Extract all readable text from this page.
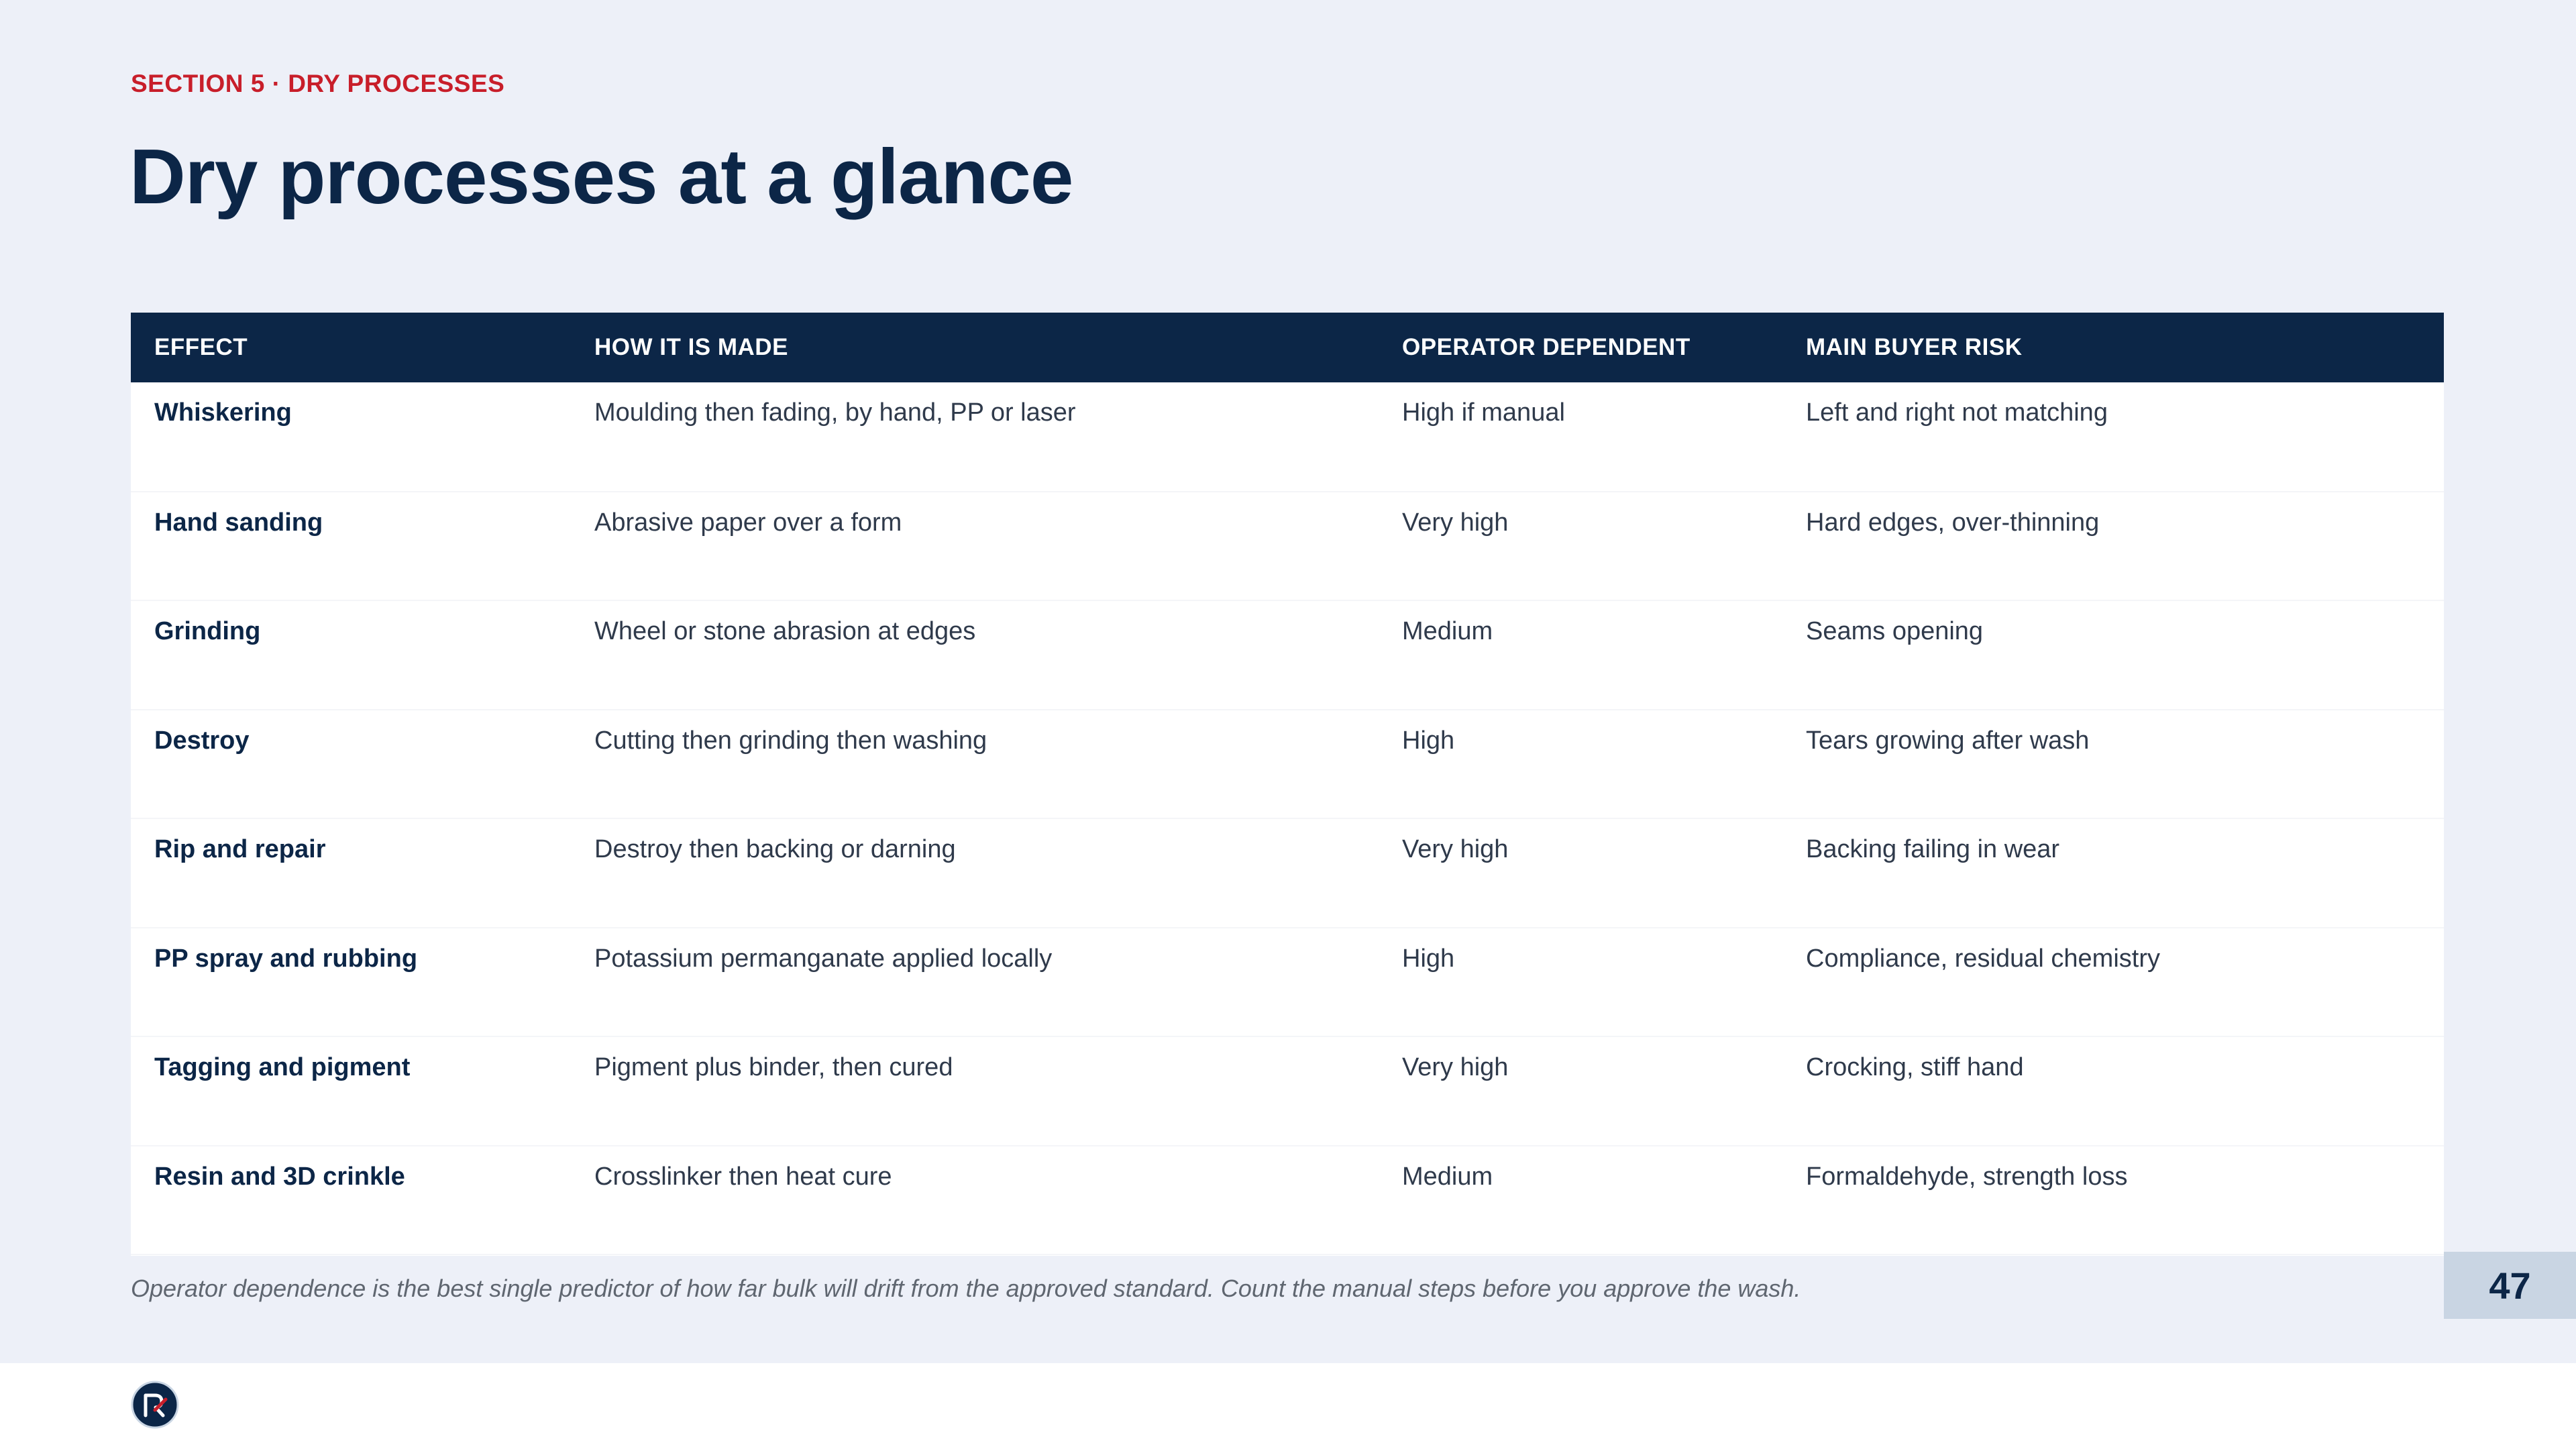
SECTION 5 · DRY PROCESSES
Dry processes at a glance
EFFECT	HOW IT IS MADE	OPERATOR DEPENDENT	MAIN BUYER RISK
Whiskering	Moulding then fading, by hand, PP or laser	High if manual	Left and right not matching
Hand sanding	Abrasive paper over a form	Very high	Hard edges, over-thinning
Grinding	Wheel or stone abrasion at edges	Medium	Seams opening
Destroy	Cutting then grinding then washing	High	Tears growing after wash
Rip and repair	Destroy then backing or darning	Very high	Backing failing in wear
PP spray and rubbing	Potassium permanganate applied locally	High	Compliance, residual chemistry
Tagging and pigment	Pigment plus binder, then cured	Very high	Crocking, stiff hand
Resin and 3D crinkle	Crosslinker then heat cure	Medium	Formaldehyde, strength loss
Operator dependence is the best single predictor of how far bulk will drift from the approved standard. Count the manual steps before you approve the wash.	47
